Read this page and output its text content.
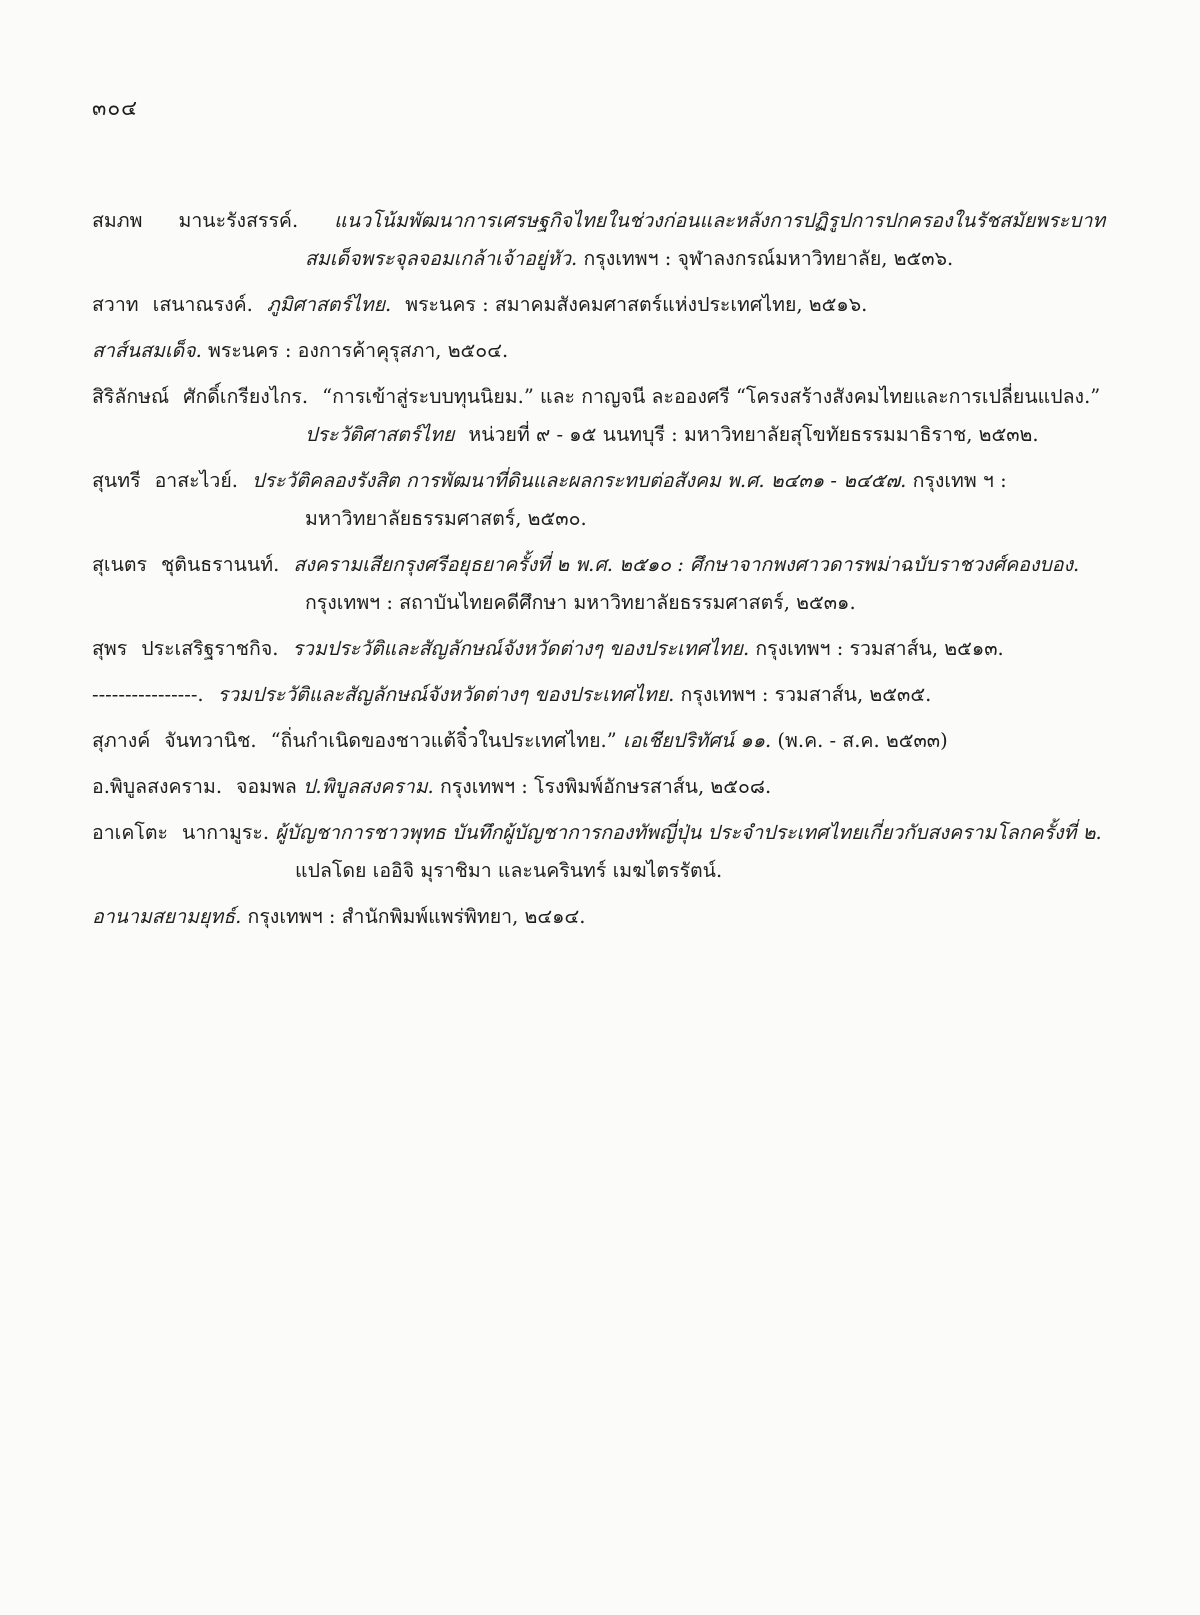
๓๐๔
สมภพ มานะรังสรรค์. แนวโน้มพัฒนาการเศรษฐกิจไทยในช่วงก่อนและหลังการปฏิรูปการปกครองในรัชสมัยพระบาท
สมเด็จพระจุลจอมเกล้าเจ้าอยู่หัว. กรุงเทพฯ : จุฬาลงกรณ์มหาวิทยาลัย, ๒๕๓๖.
สวาท เสนาณรงค์. ภูมิศาสตร์ไทย. พระนคร : สมาคมสังคมศาสตร์แห่งประเทศไทย, ๒๕๑๖.
สาส์นสมเด็จ. พระนคร : องการค้าคุรุสภา, ๒๕๐๔.
สิริลักษณ์ ศักดิ์เกรียงไกร. “การเข้าสู่ระบบทุนนิยม.” และ กาญจนี ละอองศรี “โครงสร้างสังคมไทยและการเปลี่ยนแปลง.”
ประวัติศาสตร์ไทย หน่วยที่ ๙ - ๑๕ นนทบุรี : มหาวิทยาลัยสุโขทัยธรรมมาธิราช, ๒๕๓๒.
สุนทรี อาสะไวย์. ประวัติคลองรังสิต การพัฒนาที่ดินและผลกระทบต่อสังคม พ.ศ. ๒๔๓๑ - ๒๔๕๗. กรุงเทพ ฯ :
มหาวิทยาลัยธรรมศาสตร์, ๒๕๓๐.
สุเนตร ชุตินธรานนท์. สงครามเสียกรุงศรีอยุธยาครั้งที่ ๒ พ.ศ. ๒๕๑๐ : ศึกษาจากพงศาวดารพม่าฉบับราชวงศ์คองบอง.
กรุงเทพฯ : สถาบันไทยคดีศึกษา มหาวิทยาลัยธรรมศาสตร์, ๒๕๓๑.
สุพร ประเสริฐราชกิจ. รวมประวัติและสัญลักษณ์จังหวัดต่างๆ ของประเทศไทย. กรุงเทพฯ : รวมสาส์น, ๒๕๑๓.
----------------. รวมประวัติและสัญลักษณ์จังหวัดต่างๆ ของประเทศไทย. กรุงเทพฯ : รวมสาส์น, ๒๕๓๕.
สุภางค์ จันทวานิช. “ถิ่นกำเนิดของชาวแต้จิ๋วในประเทศไทย.” เอเชียปริทัศน์ ๑๑. (พ.ค. - ส.ค. ๒๕๓๓)
อ.พิบูลสงคราม. จอมพล ป.พิบูลสงคราม. กรุงเทพฯ : โรงพิมพ์อักษรสาส์น, ๒๕๐๘.
อาเคโตะ นากามูระ. ผู้บัญชาการชาวพุทธ บันทึกผู้บัญชาการกองทัพญี่ปุ่น ประจำประเทศไทยเกี่ยวกับสงครามโลกครั้งที่ ๒.
แปลโดย เออิจิ มุราชิมา และนครินทร์ เมฆไตรรัตน์.
อานามสยามยุทธ์. กรุงเทพฯ : สำนักพิมพ์แพร่พิทยา, ๒๔๑๔.
